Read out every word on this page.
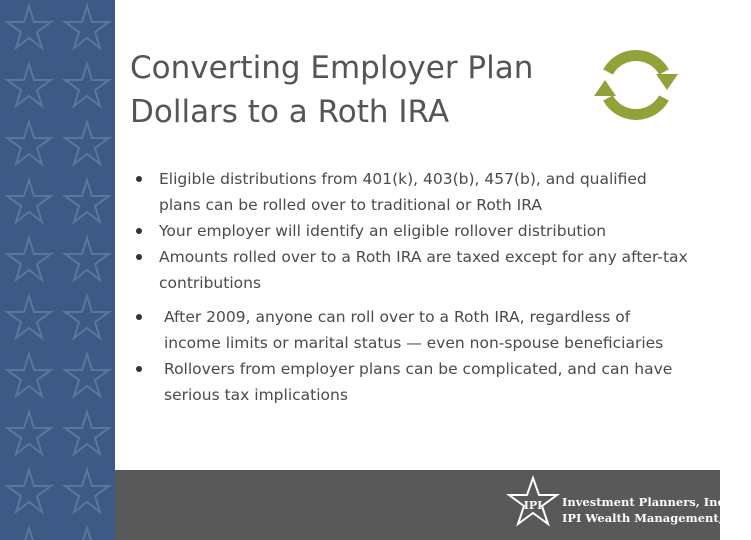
Converting Employer Plan
Dollars to a Roth IRA
Eligible distributions from 401(k), 403(b), 457(b), and qualified plans can be rolled over to traditional or Roth IRA
Your employer will identify an eligible rollover distribution
Amounts rolled over to a Roth IRA are taxed except for any after-tax contributions
After 2009, anyone can roll over to a Roth IRA, regardless of income limits or marital status — even non-spouse beneficiaries
Rollovers from employer plans can be complicated, and can have serious tax implications
IPI Investment Planners, Inc.
IPI Wealth Management, Inc.
